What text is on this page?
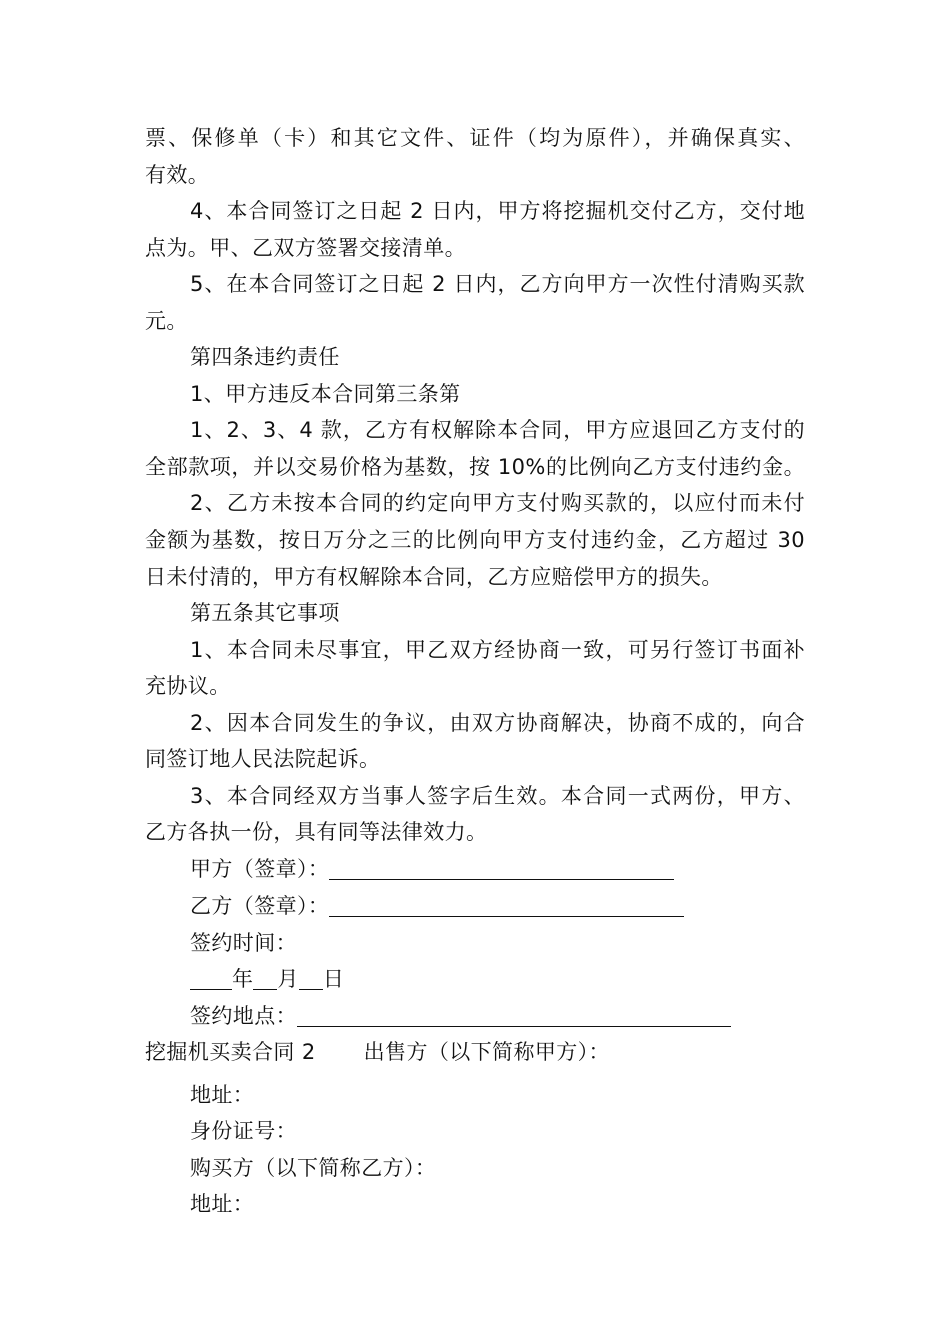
票、保修单（卡）和其它文件、证件（均为原件），并确保真实、
有效。
4、本合同签订之日起 2 日内，甲方将挖掘机交付乙方，交付地
点为。甲、乙双方签署交接清单。
5、在本合同签订之日起 2 日内，乙方向甲方一次性付清购买款
元。
第四条违约责任
1、甲方违反本合同第三条第
1、2、3、4 款，乙方有权解除本合同，甲方应退回乙方支付的
全部款项，并以交易价格为基数，按 10%的比例向乙方支付违约金。
2、乙方未按本合同的约定向甲方支付购买款的，以应付而未付
金额为基数，按日万分之三的比例向甲方支付违约金，乙方超过 30
日未付清的，甲方有权解除本合同，乙方应赔偿甲方的损失。
第五条其它事项
1、本合同未尽事宜，甲乙双方经协商一致，可另行签订书面补
充协议。
2、因本合同发生的争议，由双方协商解决，协商不成的，向合
同签订地人民法院起诉。
3、本合同经双方当事人签字后生效。本合同一式两份，甲方、
乙方各执一份，具有同等法律效力。
甲方（签章）：
乙方（签章）：
签约时间：
年 月 日
签约地点：
挖掘机买卖合同 2 出售方（以下简称甲方）：
地址：
身份证号：
购买方（以下简称乙方）：
地址：
